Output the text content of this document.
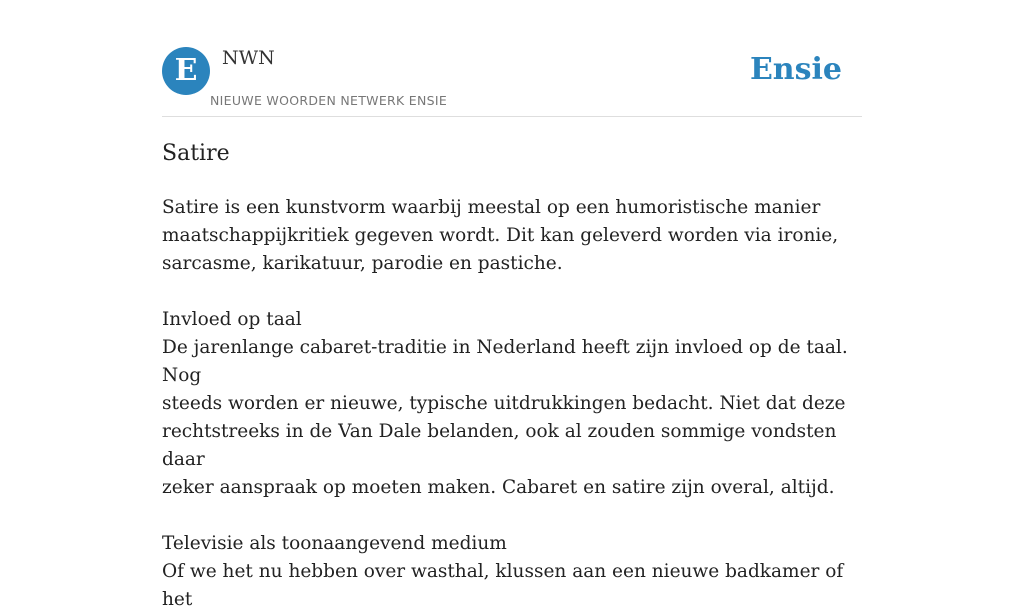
E	NWN
NIEUWE WOORDEN NETWERK ENSIE
Ensie
Satire

Satire is een kunstvorm waarbij meestal op een humoristische manier
maatschappijkritiek gegeven wordt. Dit kan geleverd worden via ironie,
sarcasme, karikatuur, parodie en pastiche.

Invloed op taal
De jarenlange cabaret-traditie in Nederland heeft zijn invloed op de taal. Nog
steeds worden er nieuwe, typische uitdrukkingen bedacht. Niet dat deze
rechtstreeks in de Van Dale belanden, ook al zouden sommige vondsten daar
zeker aanspraak op moeten maken. Cabaret en satire zijn overal, altijd.

Televisie als toonaangevend medium
Of we het nu hebben over wasthal, klussen aan een nieuwe badkamer of het
